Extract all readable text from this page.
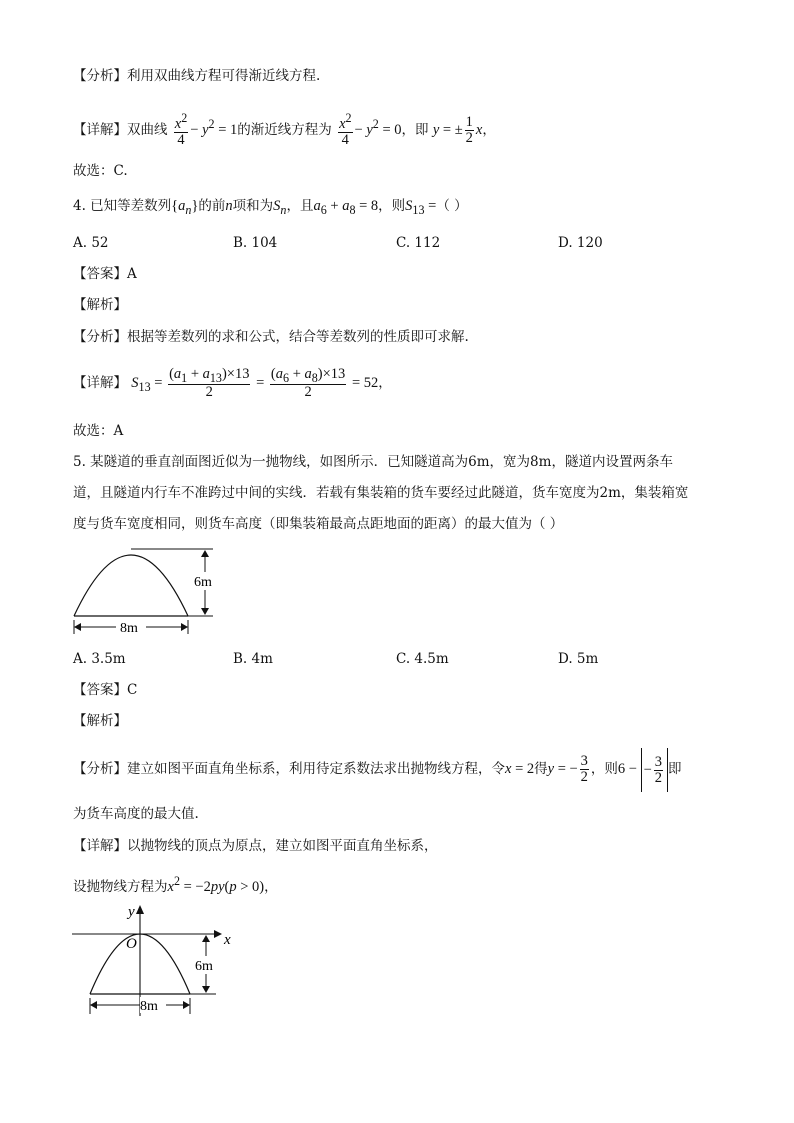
【分析】利用双曲线方程可得渐近线方程.
【详解】双曲线 $\frac{x^2}{4} - y^2 = 1$的渐近线方程为 $\frac{x^2}{4} - y^2 = 0$，即 y = ± $\frac{1}{2}$ x，
故选：C.
4. 已知等差数列$\{a_n\}$的前n项和为$S_n$，且$a_6 + a_8 = 8$，则$S_{13}$ =（ ）
A. 52	B. 104	C. 112	D. 120
【答案】A
【解析】
【分析】根据等差数列的求和公式，结合等差数列的性质即可求解.
【详解】 $S_{13} = \frac{(a_1 + a_{13})\times 13}{2} = \frac{(a_6 + a_8)\times 13}{2} = 52$，
故选：A
5. 某隧道的垂直剖面图近似为一抛物线，如图所示．已知隧道高为6m，宽为8m，隧道内设置两条车
道，且隧道内行车不准跨过中间的实线．若载有集装箱的货车要经过此隧道，货车宽度为2m，集装箱宽
度与货车宽度相同，则货车高度（即集装箱最高点距地面的距离）的最大值为（ ）
6m
8m
A. 3.5m	B. 4m	C. 4.5m	D. 5m
【答案】C
【解析】
【分析】建立如图平面直角坐标系，利用待定系数法求出抛物线方程，令x = 2得y = − $\frac{3}{2}$ ，则6 − − $\frac{3}{2}$ 即
为货车高度的最大值.
【详解】以抛物线的顶点为原点，建立如图平面直角坐标系，
设抛物线方程为$x^2 = -2py(p > 0)$，
x
y
O
6m
8m
